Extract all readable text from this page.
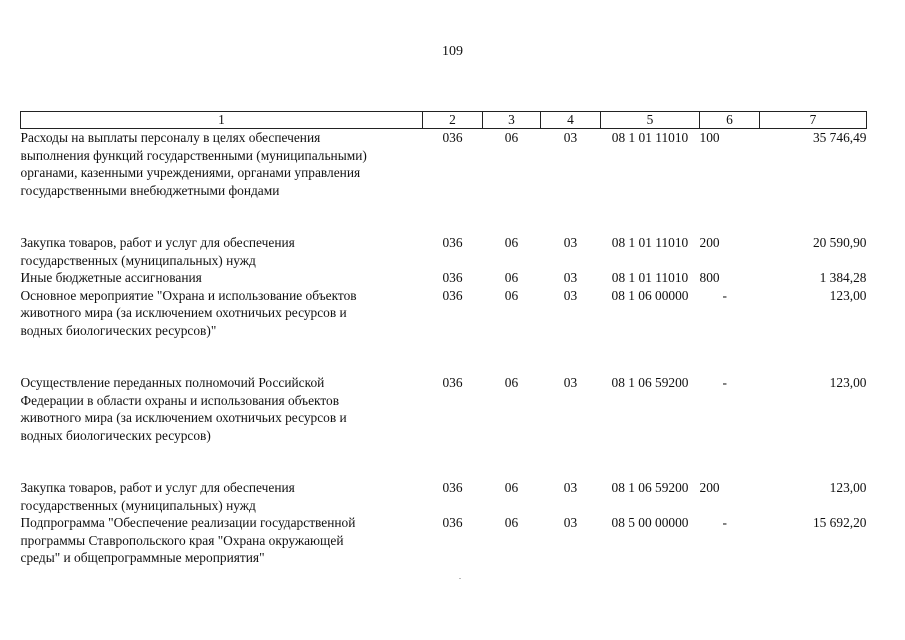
109
1	2	3	4	5	6	7

Расходы на выплаты персоналу в целях обеспечения
выполнения функций государственными (муниципальными)
органами, казенными учреждениями, органами управления
государственными внебюджетными фондами	036	06	03	08 1 01 11010	100	35 746,49

Закупка товаров, работ и услуг для обеспечения
государственных (муниципальных) нужд	036	06	03	08 1 01 11010	200	20 590,90

Иные бюджетные ассигнования	036	06	03	08 1 01 11010	800	1 384,28

Основное мероприятие "Охрана и использование объектов
животного мира (за исключением охотничьих ресурсов и
водных биологических ресурсов)"	036	06	03	08 1 06 00000	-	123,00

Осуществление переданных полномочий Российской
Федерации в области охраны и использования объектов
животного мира (за исключением охотничьих ресурсов и
водных биологических ресурсов)	036	06	03	08 1 06 59200	-	123,00

Закупка товаров, работ и услуг для обеспечения
государственных (муниципальных) нужд	036	06	03	08 1 06 59200	200	123,00

Подпрограмма "Обеспечение реализации государственной
программы Ставропольского края "Охрана окружающей
среды" и общепрограммные мероприятия"	036	06	03	08 5 00 00000	-	15 692,20
